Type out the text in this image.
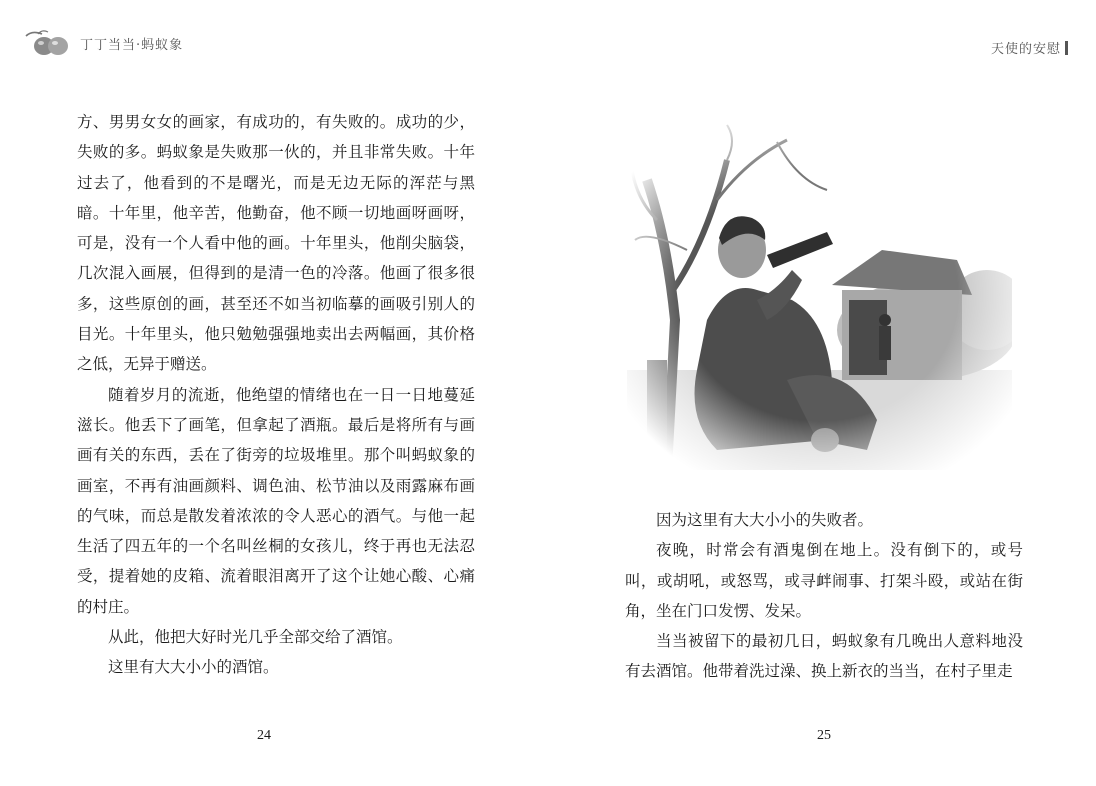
丁丁当当·蚂蚁象	天使的安慰

方、男男女女的画家，有成功的，有失败的。成功的少，失败的多。蚂蚁象是失败那一伙的，并且非常失败。十年过去了，他看到的不是曙光，而是无边无际的浑茫与黑暗。十年里，他辛苦，他勤奋，他不顾一切地画呀画呀，可是，没有一个人看中他的画。十年里头，他削尖脑袋，几次混入画展，但得到的是清一色的冷落。他画了很多很多，这些原创的画，甚至还不如当初临摹的画吸引别人的目光。十年里头，他只勉勉强强地卖出去两幅画，其价格之低，无异于赠送。

随着岁月的流逝，他绝望的情绪也在一日一日地蔓延滋长。他丢下了画笔，但拿起了酒瓶。最后是将所有与画画有关的东西，丢在了街旁的垃圾堆里。那个叫蚂蚁象的画室，不再有油画颜料、调色油、松节油以及雨露麻布画的气味，而总是散发着浓浓的令人恶心的酒气。与他一起生活了四五年的一个名叫丝桐的女孩儿，终于再也无法忍受，提着她的皮箱、流着眼泪离开了这个让她心酸、心痛的村庄。

从此，他把大好时光几乎全部交给了酒馆。

这里有大大小小的酒馆。

因为这里有大大小小的失败者。

夜晚，时常会有酒鬼倒在地上。没有倒下的，或号叫，或胡吼，或怒骂，或寻衅闹事、打架斗殴，或站在街角，坐在门口发愣、发呆。

当当被留下的最初几日，蚂蚁象有几晚出人意料地没有去酒馆。他带着洗过澡、换上新衣的当当，在村子里走

24	25
